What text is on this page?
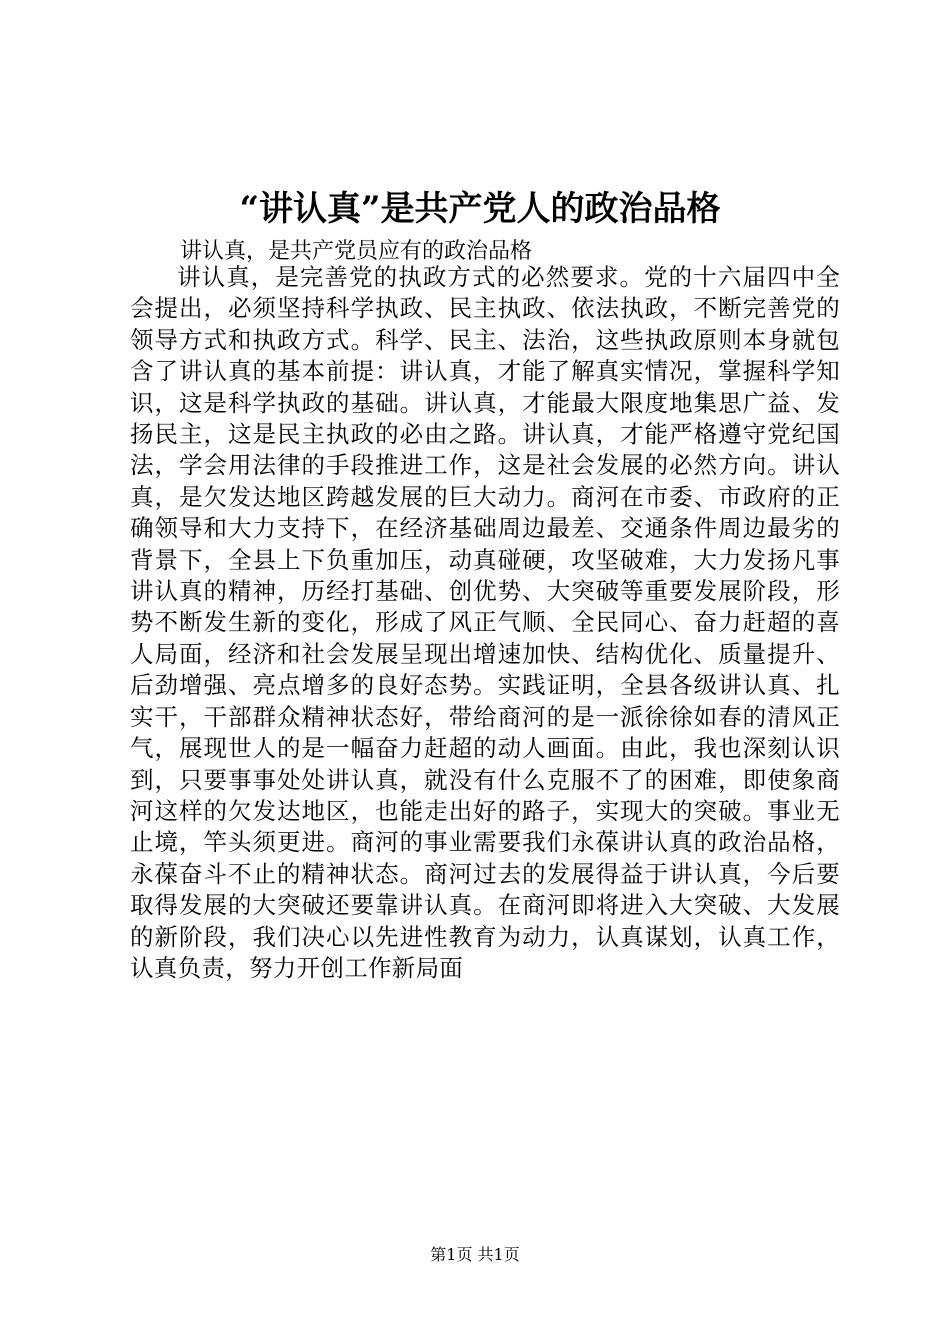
“讲认真”是共产党人的政治品格
讲认真，是共产党员应有的政治品格

讲认真，是完善党的执政方式的必然要求。党的十六届四中全会提出，必须坚持科学执政、民主执政、依法执政，不断完善党的领导方式和执政方式。科学、民主、法治，这些执政原则本身就包含了讲认真的基本前提：讲认真，才能了解真实情况，掌握科学知识，这是科学执政的基础。讲认真，才能最大限度地集思广益、发扬民主，这是民主执政的必由之路。讲认真，才能严格遵守党纪国法，学会用法律的手段推进工作，这是社会发展的必然方向。讲认真，是欠发达地区跨越发展的巨大动力。商河在市委、市政府的正确领导和大力支持下，在经济基础周边最差、交通条件周边最劣的背景下，全县上下负重加压，动真碰硬，攻坚破难，大力发扬凡事讲认真的精神，历经打基础、创优势、大突破等重要发展阶段，形势不断发生新的变化，形成了风正气顺、全民同心、奋力赶超的喜人局面，经济和社会发展呈现出增速加快、结构优化、质量提升、后劲增强、亮点增多的良好态势。实践证明，全县各级讲认真、扎实干，干部群众精神状态好，带给商河的是一派徐徐如春的清风正气，展现世人的是一幅奋力赶超的动人画面。由此，我也深刻认识到，只要事事处处讲认真，就没有什么克服不了的困难，即使象商河这样的欠发达地区，也能走出好的路子，实现大的突破。事业无止境，竿头须更进。商河的事业需要我们永葆讲认真的政治品格，永葆奋斗不止的精神状态。商河过去的发展得益于讲认真，今后要取得发展的大突破还要靠讲认真。在商河即将进入大突破、大发展的新阶段，我们决心以先进性教育为动力，认真谋划，认真工作，认真负责，努力开创工作新局面

第1页 共1页
